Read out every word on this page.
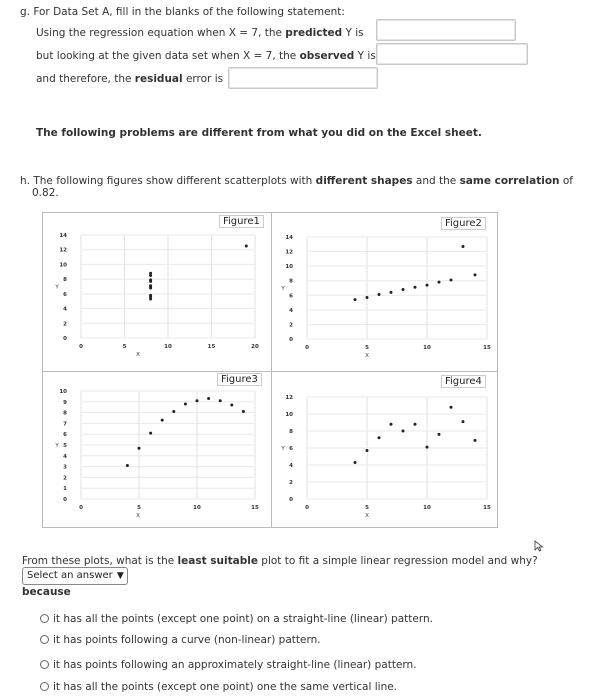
g. For Data Set A, fill in the blanks of the following statement:
Using the regression equation when X = 7, the predicted Y is
but looking at the given data set when X = 7, the observed Y is
and therefore, the residual error is
The following problems are different from what you did on the Excel sheet.
h. The following figures show different scatterplots with different shapes and the same correlation of
0.82.
0	5	10	15	20
0
2
4
6
8
10
12
14
X
Y
Figure1
0	5	10	15
0
2
4
6
8
10
12
14
X
Y
Figure2
0	5	10	15
0
1
2
3
4
5
6
7
8
9
10
X
Y
Figure3
0	5	10	15
0
2
4
6
8
10
12
X
Y
Figure4
From these plots, what is the least suitable plot to fit a simple linear regression model and why?
Select an answer ▼
because
it has all the points (except one point) on a straight-line (linear) pattern.
it has points following a curve (non-linear) pattern.
it has points following an approximately straight-line (linear) pattern.
it has all the points (except one point) one the same vertical line.
